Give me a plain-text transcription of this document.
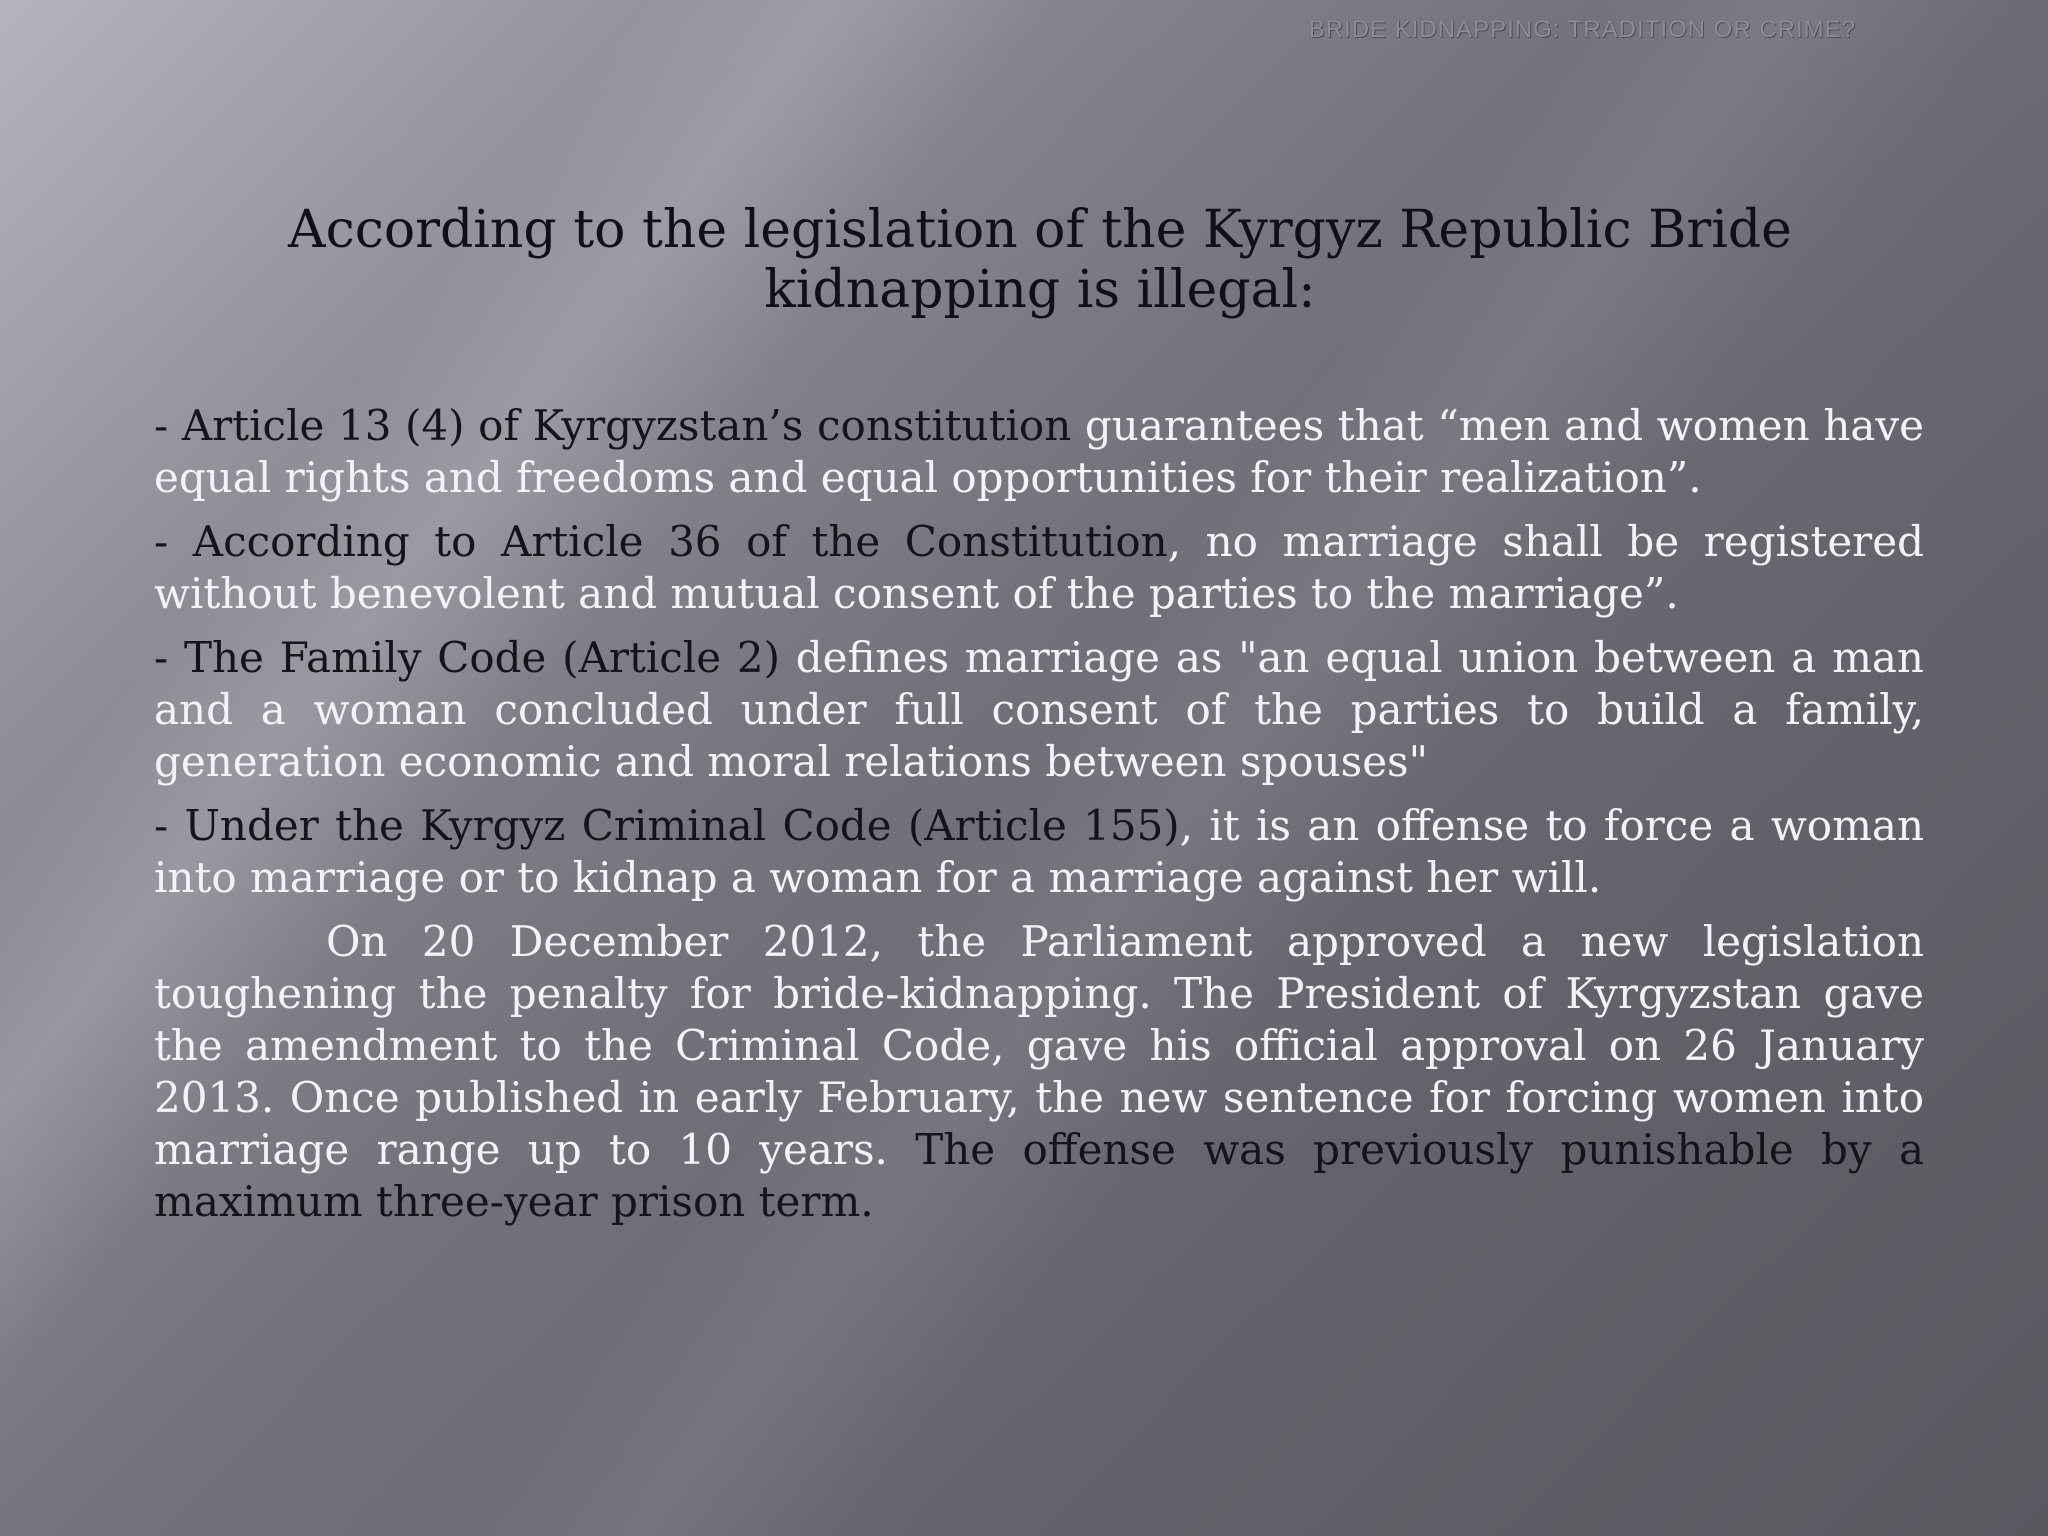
BRIDE KIDNAPPING: TRADITION OR CRIME?
According to the legislation of the Kyrgyz Republic Bride kidnapping is illegal:

- Article 13 (4) of Kyrgyzstan’s constitution guarantees that “men and women have equal rights and freedoms and equal opportunities for their realization”.

- According to Article 36 of the Constitution, no marriage shall be registered without benevolent and mutual consent of the parties to the marriage”.

- The Family Code (Article 2) defines marriage as "an equal union between a man and a woman concluded under full consent of the parties to build a family, generation economic and moral relations between spouses"

- Under the Kyrgyz Criminal Code (Article 155), it is an offense to force a woman into marriage or to kidnap a woman for a marriage against her will.

On 20 December 2012, the Parliament approved a new legislation toughening the penalty for bride-kidnapping. The President of Kyrgyzstan gave the amendment to the Criminal Code, gave his official approval on 26 January 2013. Once published in early February, the new sentence for forcing women into marriage range up to 10 years. The offense was previously punishable by a maximum three-year prison term.
